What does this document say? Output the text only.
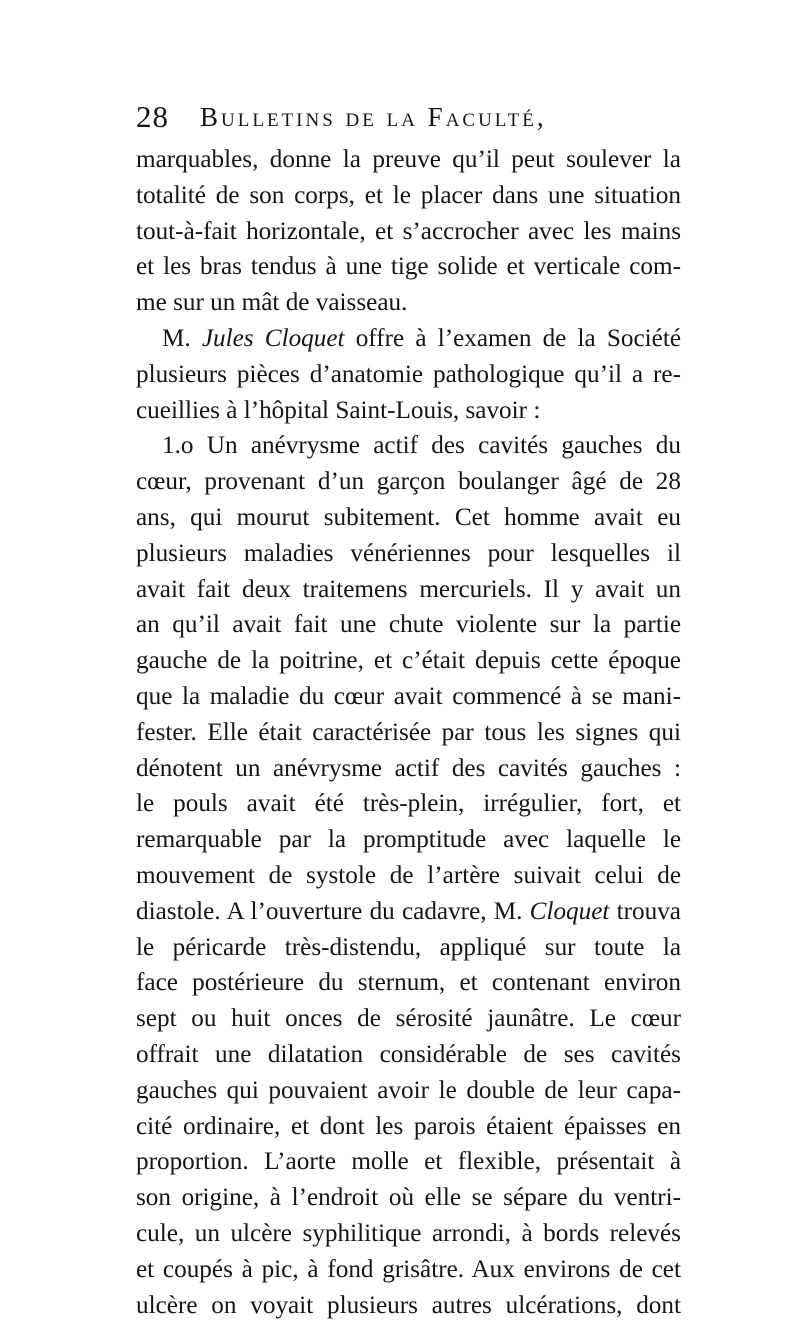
28 Bulletins de la Faculté,
marquables, donne la preuve qu’il peut soulever la
totalité de son corps, et le placer dans une situation
tout-à-fait horizontale, et s’accrocher avec les mains
et les bras tendus à une tige solide et verticale com-
me sur un mât de vaisseau.
M. Jules Cloquet offre à l’examen de la Société
plusieurs pièces d’anatomie pathologique qu’il a re-
cueillies à l’hôpital Saint-Louis, savoir :
1.o Un anévrysme actif des cavités gauches du
cœur, provenant d’un garçon boulanger âgé de 28
ans, qui mourut subitement. Cet homme avait eu
plusieurs maladies vénériennes pour lesquelles il
avait fait deux traitemens mercuriels. Il y avait un
an qu’il avait fait une chute violente sur la partie
gauche de la poitrine, et c’était depuis cette époque
que la maladie du cœur avait commencé à se mani-
fester. Elle était caractérisée par tous les signes qui
dénotent un anévrysme actif des cavités gauches :
le pouls avait été très-plein, irrégulier, fort, et
remarquable par la promptitude avec laquelle le
mouvement de systole de l’artère suivait celui de
diastole. A l’ouverture du cadavre, M. Cloquet trouva
le péricarde très-distendu, appliqué sur toute la
face postérieure du sternum, et contenant environ
sept ou huit onces de sérosité jaunâtre. Le cœur
offrait une dilatation considérable de ses cavités
gauches qui pouvaient avoir le double de leur capa-
cité ordinaire, et dont les parois étaient épaisses en
proportion. L’aorte molle et flexible, présentait à
son origine, à l’endroit où elle se sépare du ventri-
cule, un ulcère syphilitique arrondi, à bords relevés
et coupés à pic, à fond grisâtre. Aux environs de cet
ulcère on voyait plusieurs autres ulcérations, dont
